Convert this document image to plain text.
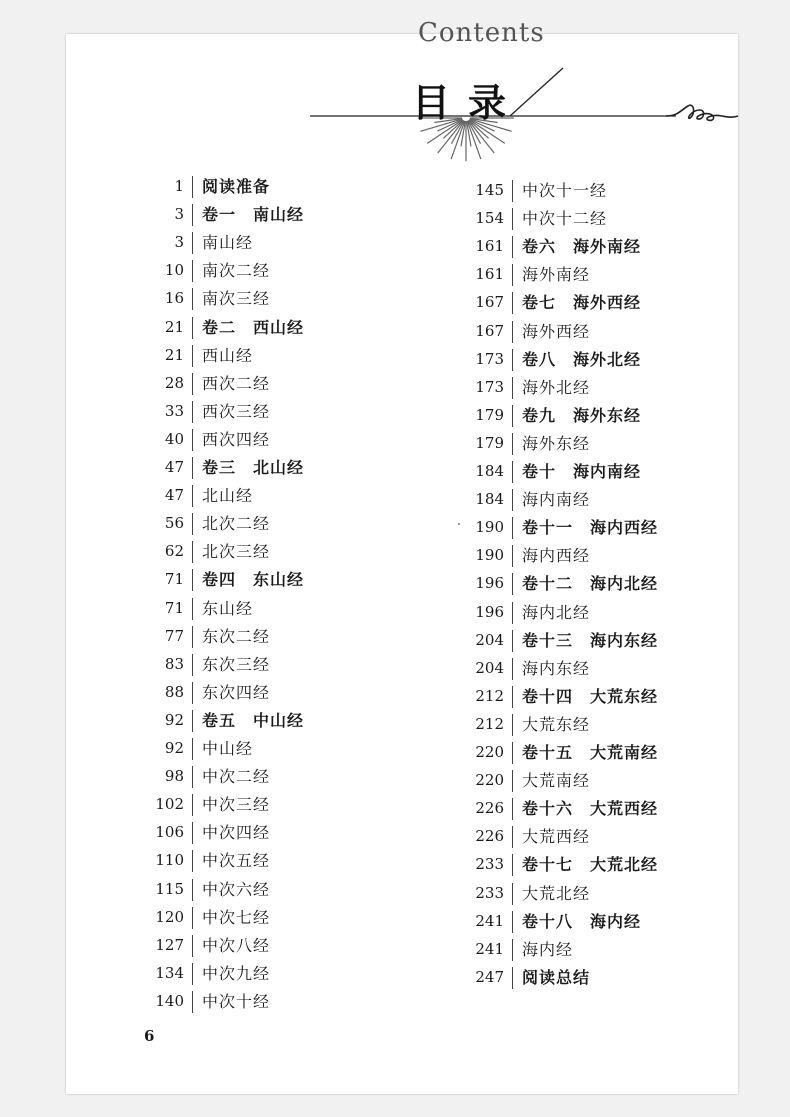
Contents
目录
1 阅读准备
3 卷一　南山经
3 南山经
10 南次二经
16 南次三经
21 卷二　西山经
21 西山经
28 西次二经
33 西次三经
40 西次四经
47 卷三　北山经
47 北山经
56 北次二经
62 北次三经
71 卷四　东山经
71 东山经
77 东次二经
83 东次三经
88 东次四经
92 卷五　中山经
92 中山经
98 中次二经
102 中次三经
106 中次四经
110 中次五经
115 中次六经
120 中次七经
127 中次八经
134 中次九经
140 中次十经
145 中次十一经
154 中次十二经
161 卷六　海外南经
161 海外南经
167 卷七　海外西经
167 海外西经
173 卷八　海外北经
173 海外北经
179 卷九　海外东经
179 海外东经
184 卷十　海内南经
184 海内南经
190 卷十一　海内西经
190 海内西经
196 卷十二　海内北经
196 海内北经
204 卷十三　海内东经
204 海内东经
212 卷十四　大荒东经
212 大荒东经
220 卷十五　大荒南经
220 大荒南经
226 卷十六　大荒西经
226 大荒西经
233 卷十七　大荒北经
233 大荒北经
241 卷十八　海内经
241 海内经
247 阅读总结
6
